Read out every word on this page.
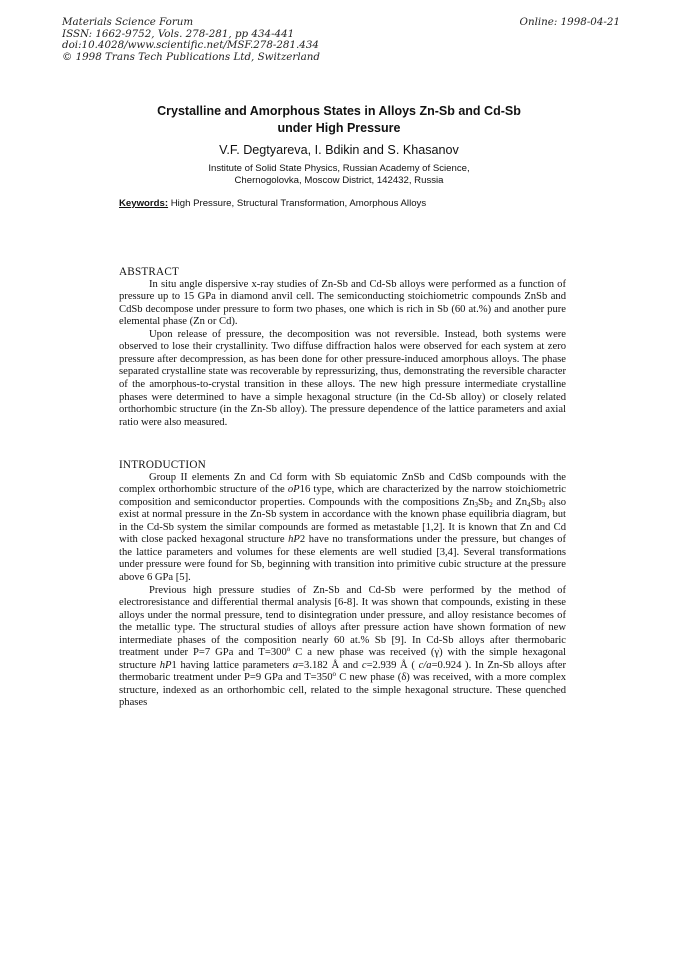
Materials Science Forum
ISSN: 1662-9752, Vols. 278-281, pp 434-441
doi:10.4028/www.scientific.net/MSF.278-281.434
© 1998 Trans Tech Publications Ltd, Switzerland
Online: 1998-04-21
Crystalline and Amorphous States in Alloys Zn-Sb and Cd-Sb
under High Pressure
V.F. Degtyareva, I. Bdikin and S. Khasanov
Institute of Solid State Physics, Russian Academy of Science,
Chernogolovka, Moscow District, 142432, Russia
Keywords: High Pressure, Structural Transformation, Amorphous Alloys
ABSTRACT

In situ angle dispersive x-ray studies of Zn-Sb and Cd-Sb alloys were performed as a function of pressure up to 15 GPa in diamond anvil cell. The semiconducting stoichiometric compounds ZnSb and CdSb decompose under pressure to form two phases, one which is rich in Sb (60 at.%) and another pure elemental phase (Zn or Cd).

Upon release of pressure, the decomposition was not reversible. Instead, both systems were observed to lose their crystallinity. Two diffuse diffraction halos were observed for each system at zero pressure after decompression, as has been done for other pressure-induced amorphous alloys. The phase separated crystalline state was recoverable by repressurizing, thus, demonstrating the reversible character of the amorphous-to-crystal transition in these alloys. The new high pressure intermediate crystalline phases were determined to have a simple hexagonal structure (in the Cd-Sb alloy) or closely related orthorhombic structure (in the Zn-Sb alloy). The pressure dependence of the lattice parameters and axial ratio were also measured.

INTRODUCTION

Group II elements Zn and Cd form with Sb equiatomic ZnSb and CdSb compounds with the complex orthorhombic structure of the oP16 type, which are characterized by the narrow stoichiometric composition and semiconductor properties. Compounds with the compositions $Zn_3Sb_2$ and $Zn_4Sb_3$ also exist at normal pressure in the Zn-Sb system in accordance with the known phase equilibria diagram, but in the Cd-Sb system the similar compounds are formed as metastable [1,2]. It is known that Zn and Cd with close packed hexagonal structure hP2 have no transformations under the pressure, but changes of the lattice parameters and volumes for these elements are well studied [3,4]. Several transformations under pressure were found for Sb, beginning with transition into primitive cubic structure at the pressure above 6 GPa [5].

Previous high pressure studies of Zn-Sb and Cd-Sb were performed by the method of electroresistance and differential thermal analysis [6-8]. It was shown that compounds, existing in these alloys under the normal pressure, tend to disintegration under pressure, and alloy resistance becomes of the metallic type. The structural studies of alloys after pressure action have shown formation of new intermediate phases of the composition nearly 60 at.% Sb [9]. In Cd-Sb alloys after thermobaric treatment under P=7 GPa and $T=300^o$ C a new phase was received (γ) with the simple hexagonal structure hP1 having lattice parameters a=3.182 Å and c=2.939 Å ( c/a=0.924 ). In Zn-Sb alloys after thermobaric treatment under P=9 GPa and $T=350^o$ C new phase (δ) was received, with a more complex structure, indexed as an orthorhombic cell, related to the simple hexagonal structure. These quenched phases
